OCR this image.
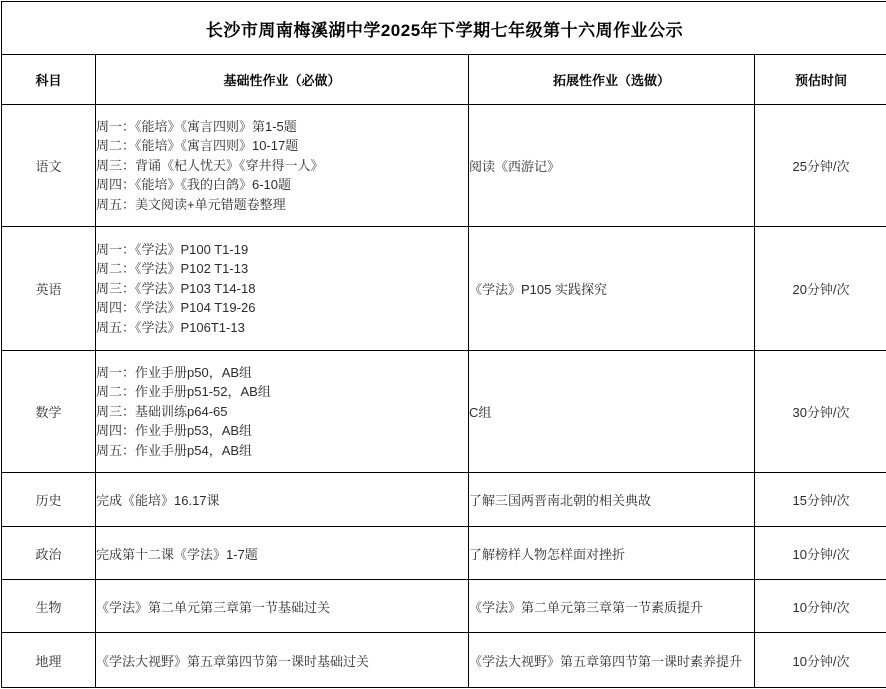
长沙市周南梅溪湖中学2025年下学期七年级第十六周作业公示			
科目	基础性作业（必做）	拓展性作业（选做）	预估时间
语文	周一：《能培》《寓言四则》第1-5题
周二：《能培》《寓言四则》10-17题
周三：背诵《杞人忧天》《穿井得一人》
周四：《能培》《我的白鸽》6-10题
周五：美文阅读+单元错题卷整理	阅读《西游记》	25分钟/次
英语	周一：《学法》P100 T1-19
周二：《学法》P102 T1-13
周三：《学法》P103 T14-18
周四：《学法》P104 T19-26
周五：《学法》P106T1-13	《学法》P105 实践探究	20分钟/次
数学	周一：作业手册p50，AB组
周二：作业手册p51-52，AB组
周三：基础训练p64-65
周四：作业手册p53，AB组
周五：作业手册p54，AB组	C组	30分钟/次
历史	完成《能培》16.17课	了解三国两晋南北朝的相关典故	15分钟/次
政治	完成第十二课《学法》1-7题	了解榜样人物怎样面对挫折	10分钟/次
生物	《学法》第二单元第三章第一节基础过关	《学法》第二单元第三章第一节素质提升	10分钟/次
地理	《学法大视野》第五章第四节第一课时基础过关	《学法大视野》第五章第四节第一课时素养提升	10分钟/次
